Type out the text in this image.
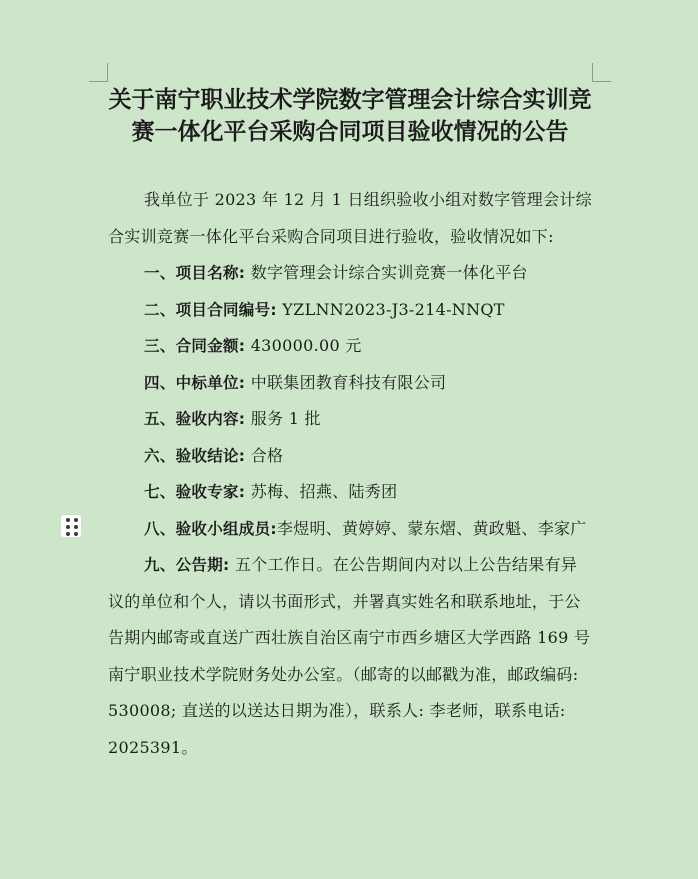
关于南宁职业技术学院数字管理会计综合实训竞赛一体化平台采购合同项目验收情况的公告

我单位于 2023 年 12 月 1 日组织验收小组对数字管理会计综合实训竞赛一体化平台采购合同项目进行验收，验收情况如下:

一、项目名称: 数字管理会计综合实训竞赛一体化平台

二、项目合同编号: YZLNN2023-J3-214-NNQT

三、合同金额: 430000.00 元

四、中标单位: 中联集团教育科技有限公司

五、验收内容: 服务 1 批

六、验收结论: 合格

七、验收专家: 苏梅、招燕、陆秀团

八、验收小组成员:李煜明、黄婷婷、蒙东熠、黄政魁、李家广

九、公告期: 五个工作日。在公告期间内对以上公告结果有异议的单位和个人，请以书面形式，并署真实姓名和联系地址，于公告期内邮寄或直送广西壮族自治区南宁市西乡塘区大学西路 169 号南宁职业技术学院财务处办公室。（邮寄的以邮戳为准，邮政编码: 530008; 直送的以送达日期为准），联系人: 李老师，联系电话: 2025391。
